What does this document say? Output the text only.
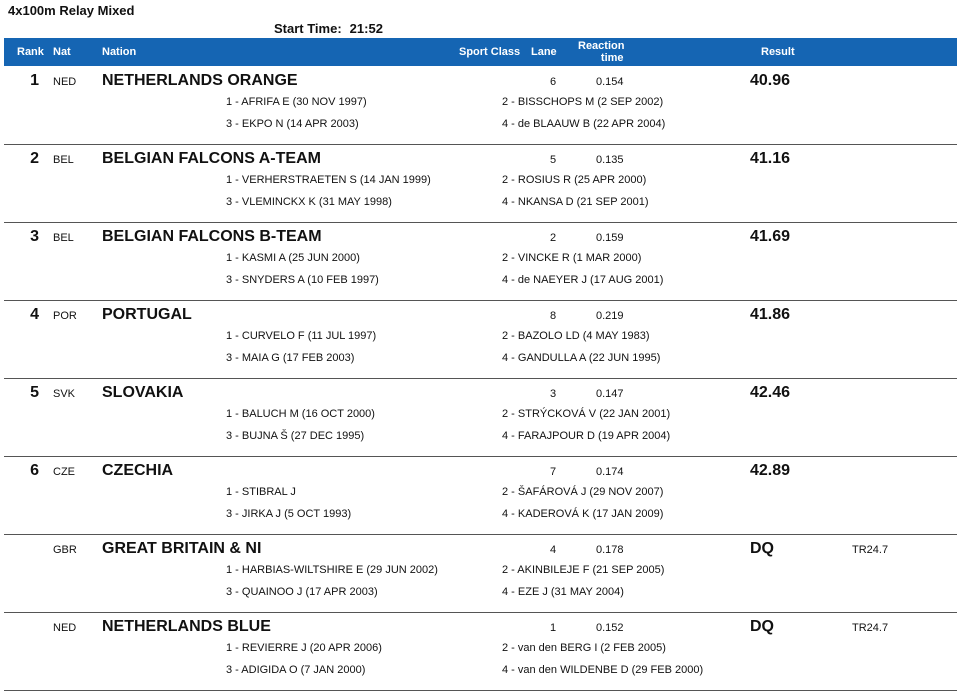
4x100m Relay Mixed
Start Time: 21:52
Rank Nat	Nation	Sport Class Lane Reaction
time	Result
1 NED NETHERLANDS ORANGE	6	0.154	40.96
1 - AFRIFA E (30 NOV 1997)	2 - BISSCHOPS M (2 SEP 2002)
3 - EKPO N (14 APR 2003)	4 - de BLAAUW B (22 APR 2004)
2 BEL BELGIAN FALCONS A-TEAM	5	0.135	41.16
1 - VERHERSTRAETEN S (14 JAN 1999)	2 - ROSIUS R (25 APR 2000)
3 - VLEMINCKX K (31 MAY 1998)	4 - NKANSA D (21 SEP 2001)
3 BEL BELGIAN FALCONS B-TEAM	2	0.159	41.69
1 - KASMI A (25 JUN 2000)	2 - VINCKE R (1 MAR 2000)
3 - SNYDERS A (10 FEB 1997)	4 - de NAEYER J (17 AUG 2001)
4 POR PORTUGAL	8	0.219	41.86
1 - CURVELO F (11 JUL 1997)	2 - BAZOLO LD (4 MAY 1983)
3 - MAIA G (17 FEB 2003)	4 - GANDULLA A (22 JUN 1995)
5 SVK SLOVAKIA	3	0.147	42.46
1 - BALUCH M (16 OCT 2000)	2 - STRÝCKOVÁ V (22 JAN 2001)
3 - BUJNA Š (27 DEC 1995)	4 - FARAJPOUR D (19 APR 2004)
6 CZE CZECHIA	7	0.174	42.89
1 - STIBRAL J	2 - ŠAFÁROVÁ J (29 NOV 2007)
3 - JIRKA J (5 OCT 1993)	4 - KADEROVÁ K (17 JAN 2009)
GBR GREAT BRITAIN & NI	4	0.178	DQ	TR24.7
1 - HARBIAS-WILTSHIRE E (29 JUN 2002)	2 - AKINBILEJE F (21 SEP 2005)
3 - QUAINOO J (17 APR 2003)	4 - EZE J (31 MAY 2004)
NED NETHERLANDS BLUE	1	0.152	DQ	TR24.7
1 - REVIERRE J (20 APR 2006)	2 - van den BERG I (2 FEB 2005)
3 - ADIGIDA O (7 JAN 2000)	4 - van den WILDENBE D (29 FEB 2000)
